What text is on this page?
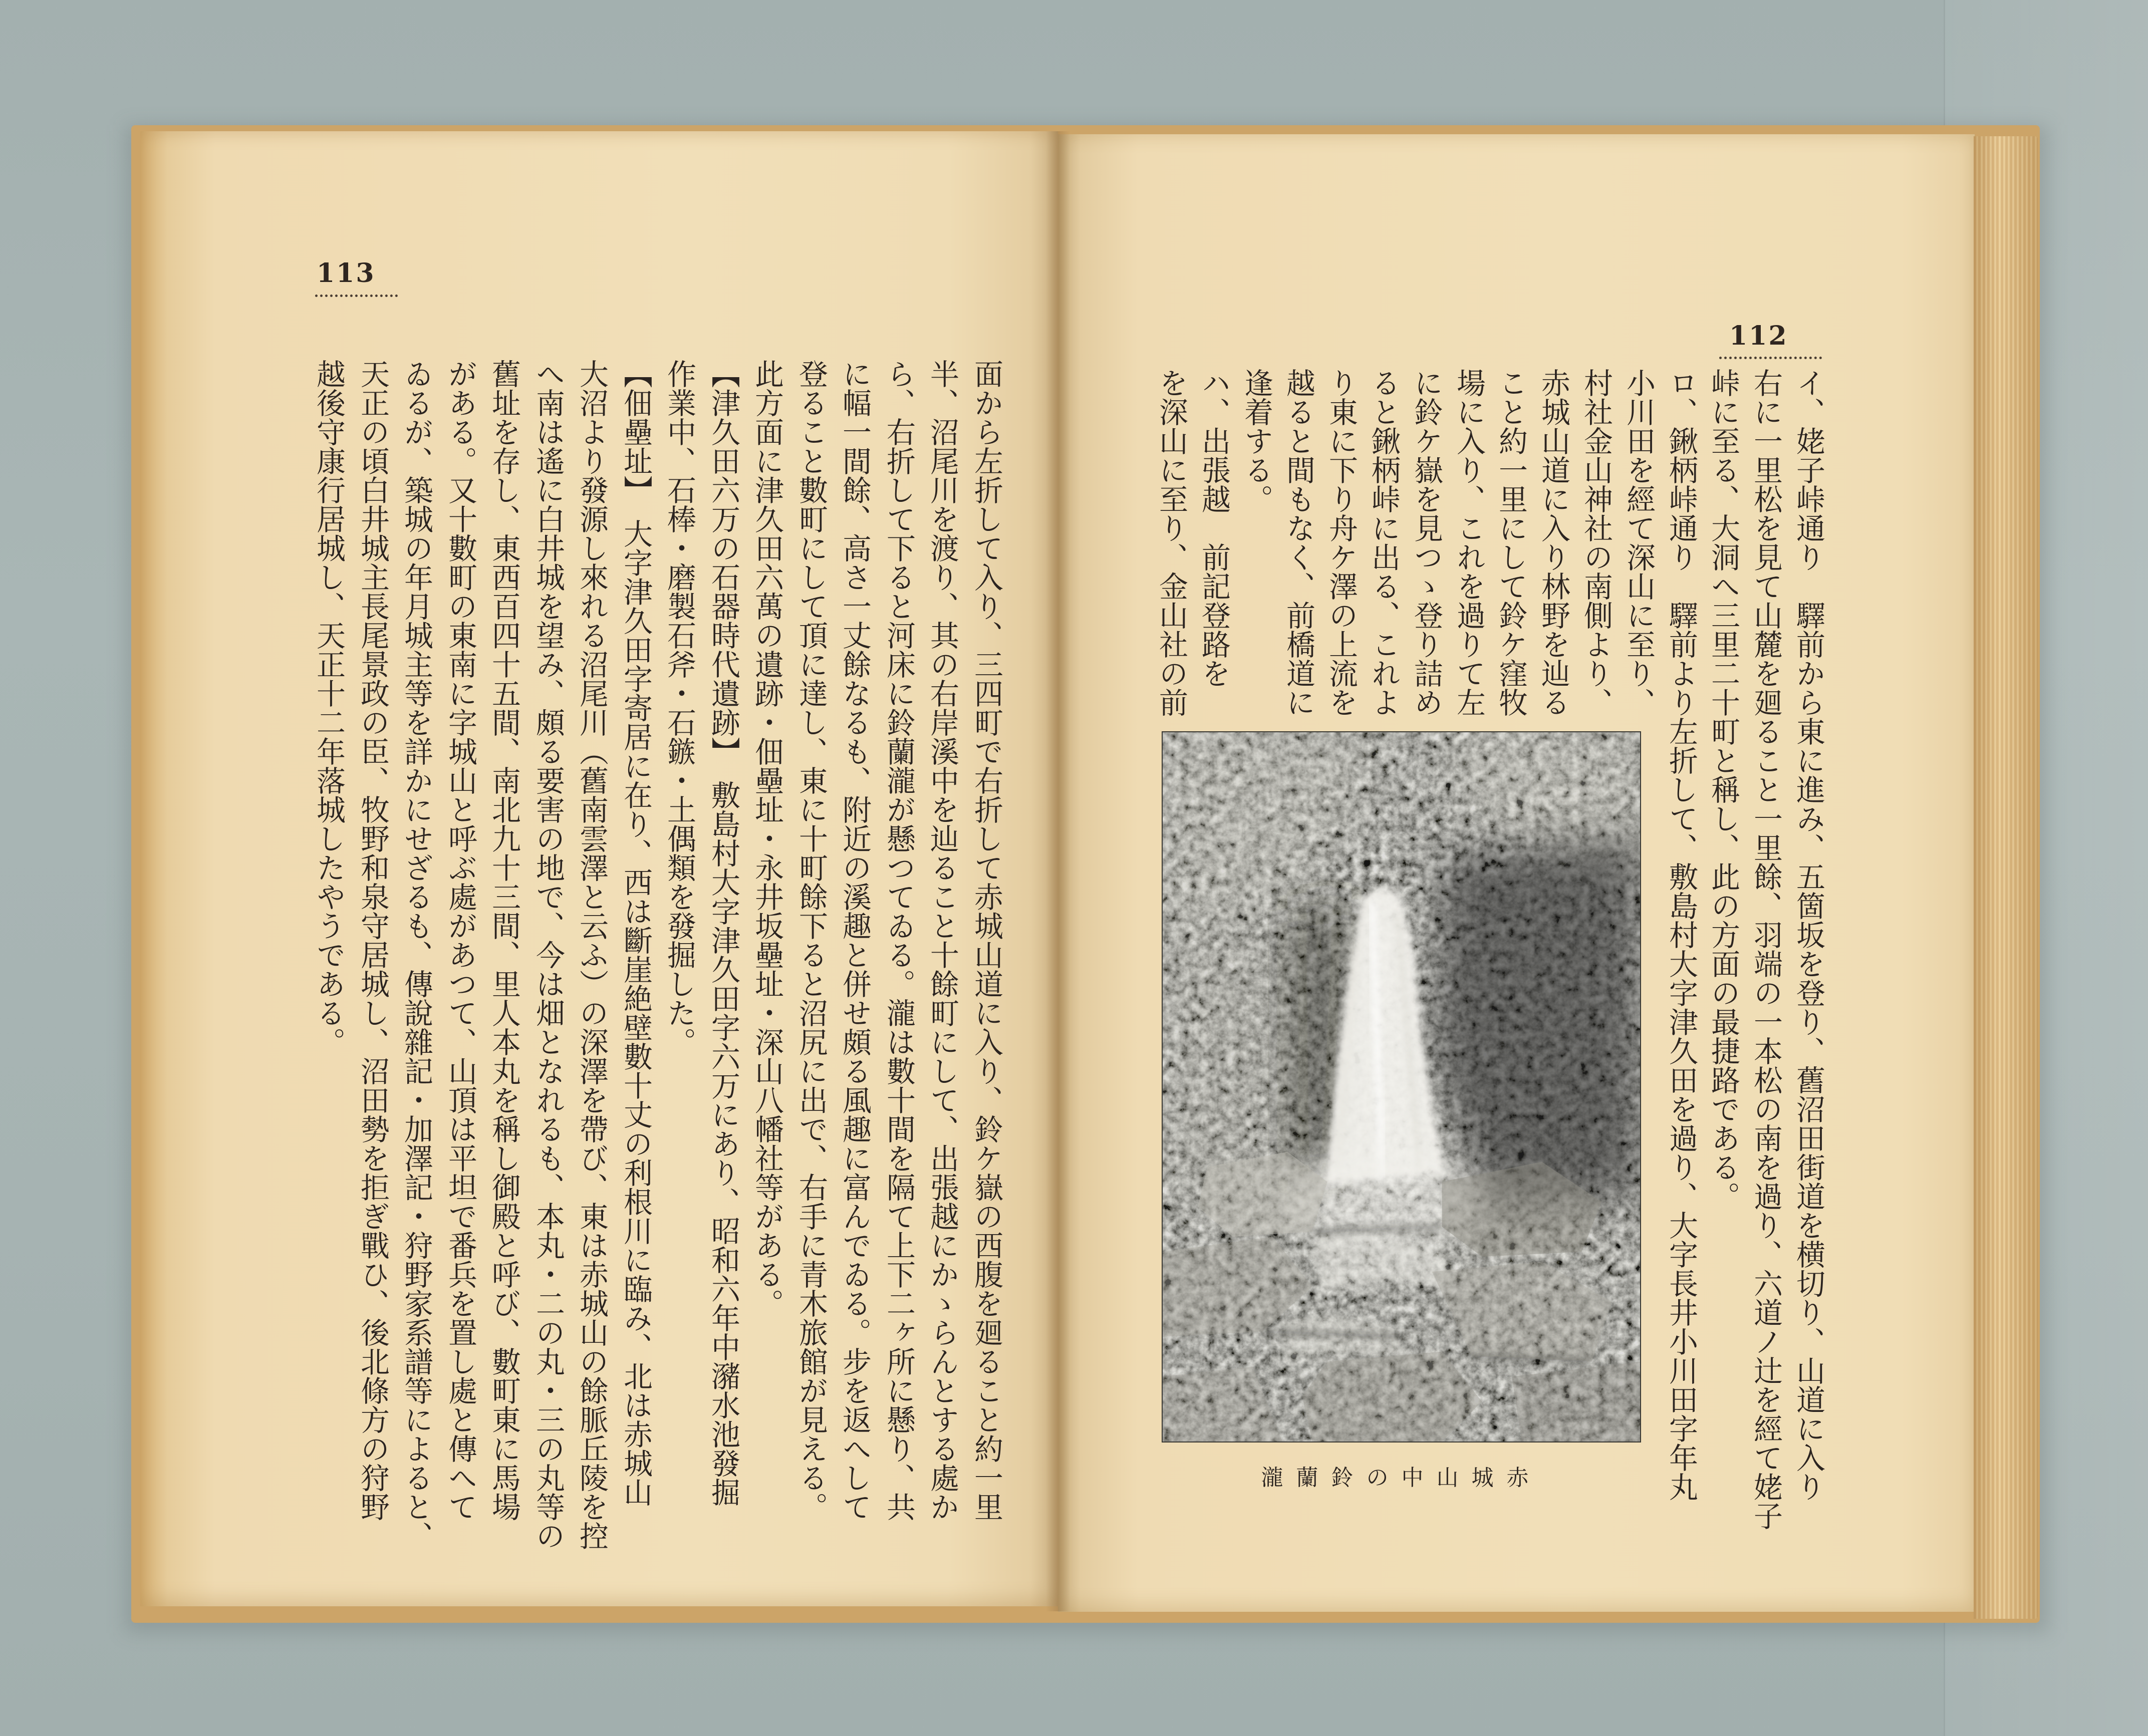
113
面から左折して入り、三四町で右折して赤城山道に入り、鈴ケ嶽の西腹を廻ること約一里
半、沼尾川を渡り、其の右岸溪中を辿ること十餘町にして、出張越にかゝらんとする處か
ら、右折して下ると河床に鈴蘭瀧が懸つてゐる。瀧は數十間を隔て上下二ヶ所に懸り、共
に幅一間餘、高さ一丈餘なるも、附近の溪趣と併せ頗る風趣に富んでゐる。步を返へして
登ること數町にして頂に達し、東に十町餘下ると沼尻に出で、右手に青木旅館が見える。
此方面に津久田六萬の遺跡・佃壘址・永井坂壘址・深山八幡社等がある。
【津久田六万の石器時代遺跡】　敷島村大字津久田字六万にあり、昭和六年中瀦水池發掘
作業中、石棒・磨製石斧・石鏃・土偶類を發掘した。
【佃壘址】　大字津久田字寄居に在り、西は斷崖絶壁數十丈の利根川に臨み、北は赤城山
大沼より發源し來れる沼尾川（舊南雲澤と云ふ）の深澤を帶び、東は赤城山の餘脈丘陵を控
へ南は遙に白井城を望み、頗る要害の地で、今は畑となれるも、本丸・二の丸・三の丸等の
舊址を存し、東西百四十五間、南北九十三間、里人本丸を稱し御殿と呼び、數町東に馬場
がある。又十數町の東南に字城山と呼ぶ處があつて、山頂は平坦で番兵を置し處と傳へて
ゐるが、築城の年月城主等を詳かにせざるも、傳說雜記・加澤記・狩野家系譜等によると、
天正の頃白井城主長尾景政の臣、牧野和泉守居城し、沼田勢を拒ぎ戰ひ、後北條方の狩野
越後守康行居城し、天正十二年落城したやうである。
112
イ、姥子峠通り　驛前から東に進み、五箇坂を登り、舊沼田街道を横切り、山道に入り
右に一里松を見て山麓を廻ること一里餘、羽端の一本松の南を過り、六道ノ辻を經て姥子
峠に至る、大洞へ三里二十町と稱し、此の方面の最捷路である。
ロ、鍬柄峠通り　驛前より左折して、敷島村大字津久田を過り、大字長井小川田字年丸
小川田を經て深山に至り、
村社金山神社の南側より、
赤城山道に入り林野を辿る
こと約一里にして鈴ケ窪牧
場に入り、これを過りて左
に鈴ケ嶽を見つゝ登り詰め
ると鍬柄峠に出る、これよ
り東に下り舟ケ澤の上流を
越ると間もなく、前橋道に
逢着する。
ハ、出張越　前記登路を
を深山に至り、金山社の前
赤城山中の鈴蘭瀧
